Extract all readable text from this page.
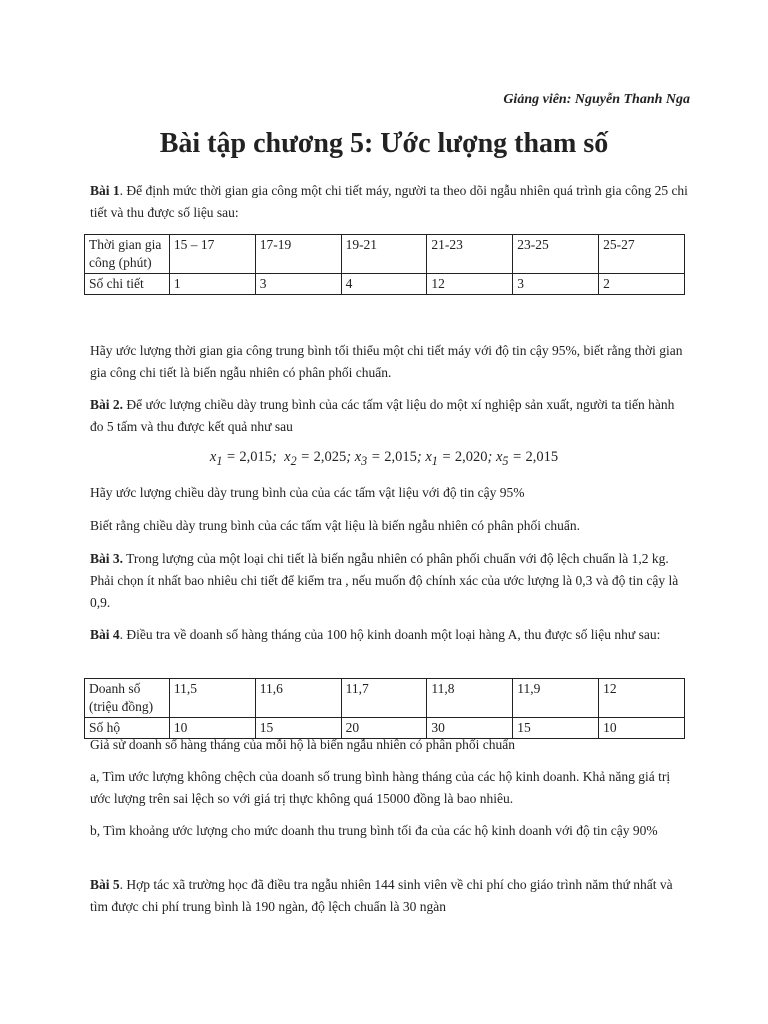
Giảng viên: Nguyễn Thanh Nga
Bài tập chương 5: Ước lượng tham số

Bài 1. Để định mức thời gian gia công một chi tiết máy, người ta theo dõi ngẫu nhiên quá trình gia công 25 chi tiết và thu được số liệu sau:

Thời gian gia công (phút)	15 – 17	17-19	19-21	21-23	23-25	25-27
Số chi tiết	1	3	4	12	3	2

Hãy ước lượng thời gian gia công trung bình tối thiểu một chi tiết máy với độ tin cậy 95%, biết rằng thời gian gia công chi tiết là biến ngẫu nhiên có phân phối chuẩn.

Bài 2. Để ước lượng chiều dày trung bình của các tấm vật liệu do một xí nghiệp sản xuất, người ta tiến hành đo 5 tấm và thu được kết quả như sau

$x_1 = 2,015$;  $x_2 = 2,025$; $x_3 = 2,015$; $x_1 = 2,020$; $x_5 = 2,015$

Hãy ước lượng chiều dày trung bình của của các tấm vật liệu với độ tin cậy 95%

Biết rằng chiều dày trung bình của các tấm vật liệu là biến ngẫu nhiên có phân phối chuẩn.

Bài 3. Trong lượng của một loại chi tiết là biến ngẫu nhiên có phân phối chuẩn với độ lệch chuẩn là 1,2 kg. Phải chọn ít nhất bao nhiêu chi tiết để kiểm tra , nếu muốn độ chính xác của ước lượng là 0,3 và độ tin cậy là 0,9.

Bài 4. Điều tra về doanh số hàng tháng của 100 hộ kinh doanh một loại hàng A, thu được số liệu như sau:

Doanh số (triệu đồng)	11,5	11,6	11,7	11,8	11,9	12
Số hộ	10	15	20	30	15	10

Giả sử doanh số hàng tháng của mỗi hộ là biến ngẫu nhiên có phân phối chuẩn

a, Tìm ước lượng không chệch của doanh số trung bình hàng tháng của các hộ kinh doanh. Khả năng giá trị ước lượng trên sai lệch so với giá trị thực không quá 15000 đồng là bao nhiêu.

b, Tìm khoảng ước lượng cho mức doanh thu trung bình tối đa của các hộ kinh doanh với độ tin cậy 90%

Bài 5. Hợp tác xã trường học đã điều tra ngẫu nhiên 144 sinh viên về chi phí cho giáo trình năm thứ nhất và tìm được chi phí trung bình là 190 ngàn, độ lệch chuẩn là 30 ngàn
